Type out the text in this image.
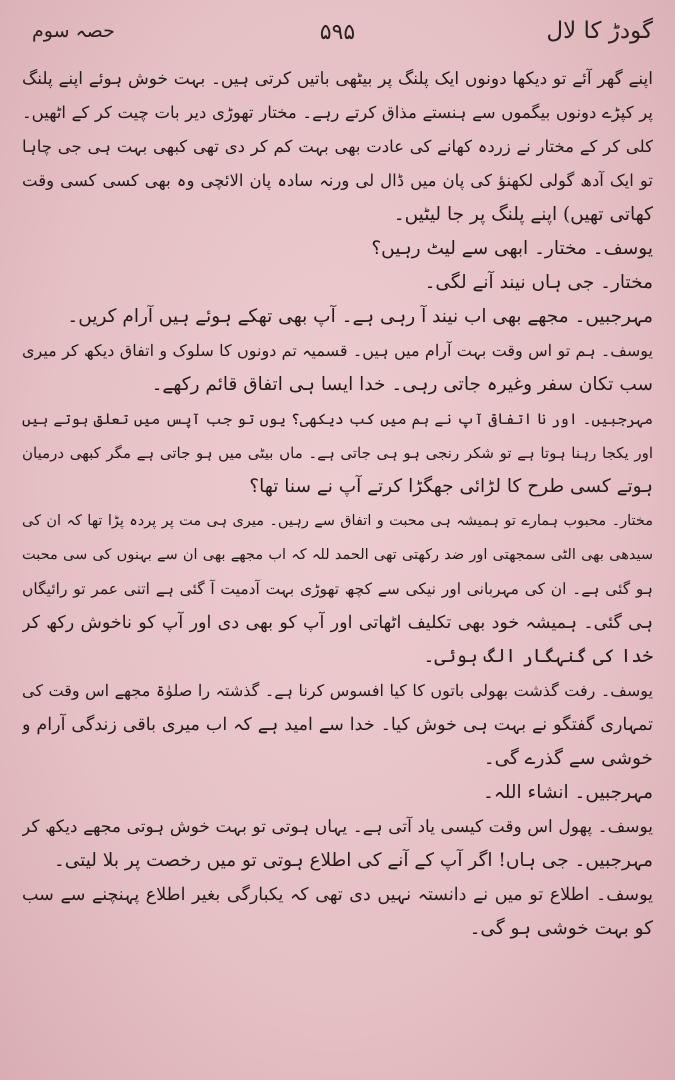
گودڑ کا لال
۵۹۵
حصہ سوم
اپنے گھر آئے تو دیکھا دونوں ایک پلنگ پر بیٹھی باتیں کرتی ہیں۔ بہت خوش ہوئے اپنے پلنگ
پر کپڑے دونوں بیگموں سے ہنستے مذاق کرتے رہے۔ مختار تھوڑی دیر بات چیت کر کے اٹھیں۔
کلی کر کے مختار نے زردہ کھانے کی عادت بھی بہت کم کر دی تھی کبھی بہت ہی جی چاہا
تو ایک آدھ گولی لکھنؤ کی پان میں ڈال لی ورنہ سادہ پان الائچی وہ بھی کسی کسی وقت
کھاتی تھیں) اپنے پلنگ پر جا لیٹیں۔
یوسف۔ مختار۔ ابھی سے لیٹ رہیں؟
مختار۔ جی ہاں نیند آنے لگی۔
مہرجبیں۔ مجھے بھی اب نیند آ رہی ہے۔ آپ بھی تھکے ہوئے ہیں آرام کریں۔
یوسف۔ ہم تو اس وقت بہت آرام میں ہیں۔ قسمیہ تم دونوں کا سلوک و اتفاق دیکھ کر میری
سب تکان سفر وغیرہ جاتی رہی۔ خدا ایسا ہی اتفاق قائم رکھے۔
مہرجبیں۔ اور نا اتفاقی آپ نے ہم میں کب دیکھی؟ یوں تو جب آپس میں تعلق ہوتے ہیں
اور یکجا رہنا ہوتا ہے تو شکر رنجی ہو ہی جاتی ہے۔ ماں بیٹی میں ہو جاتی ہے مگر کبھی درمیان
ہوتے کسی طرح کا لڑائی جھگڑا کرتے آپ نے سنا تھا؟
مختار۔ محبوب ہمارے تو ہمیشہ ہی محبت و اتفاق سے رہیں۔ میری ہی مت پر پردہ پڑا تھا کہ ان کی
سیدھی بھی الٹی سمجھتی اور ضد رکھتی تھی الحمد للہ کہ اب مجھے بھی ان سے بہنوں کی سی محبت
ہو گئی ہے۔ ان کی مہربانی اور نیکی سے کچھ تھوڑی بہت آدمیت آ گئی ہے اتنی عمر تو رائیگاں
ہی گئی۔ ہمیشہ خود بھی تکلیف اٹھاتی اور آپ کو بھی دی اور آپ کو ناخوش رکھ کر
خدا کی گنہگار الگ ہوئی۔
یوسف۔ رفت گذشت بھولی باتوں کا کیا افسوس کرنا ہے۔ گذشتہ را صلوٰۃ مجھے اس وقت کی
تمہاری گفتگو نے بہت ہی خوش کیا۔ خدا سے امید ہے کہ اب میری باقی زندگی آرام و
خوشی سے گذرے گی۔
مہرجبیں۔ انشاء اللہ۔
یوسف۔ پھول اس وقت کیسی یاد آتی ہے۔ یہاں ہوتی تو بہت خوش ہوتی مجھے دیکھ کر
مہرجبیں۔ جی ہاں! اگر آپ کے آنے کی اطلاع ہوتی تو میں رخصت پر بلا لیتی۔
یوسف۔ اطلاع تو میں نے دانستہ نہیں دی تھی کہ یکبارگی بغیر اطلاع پہنچنے سے سب
کو بہت خوشی ہو گی۔
